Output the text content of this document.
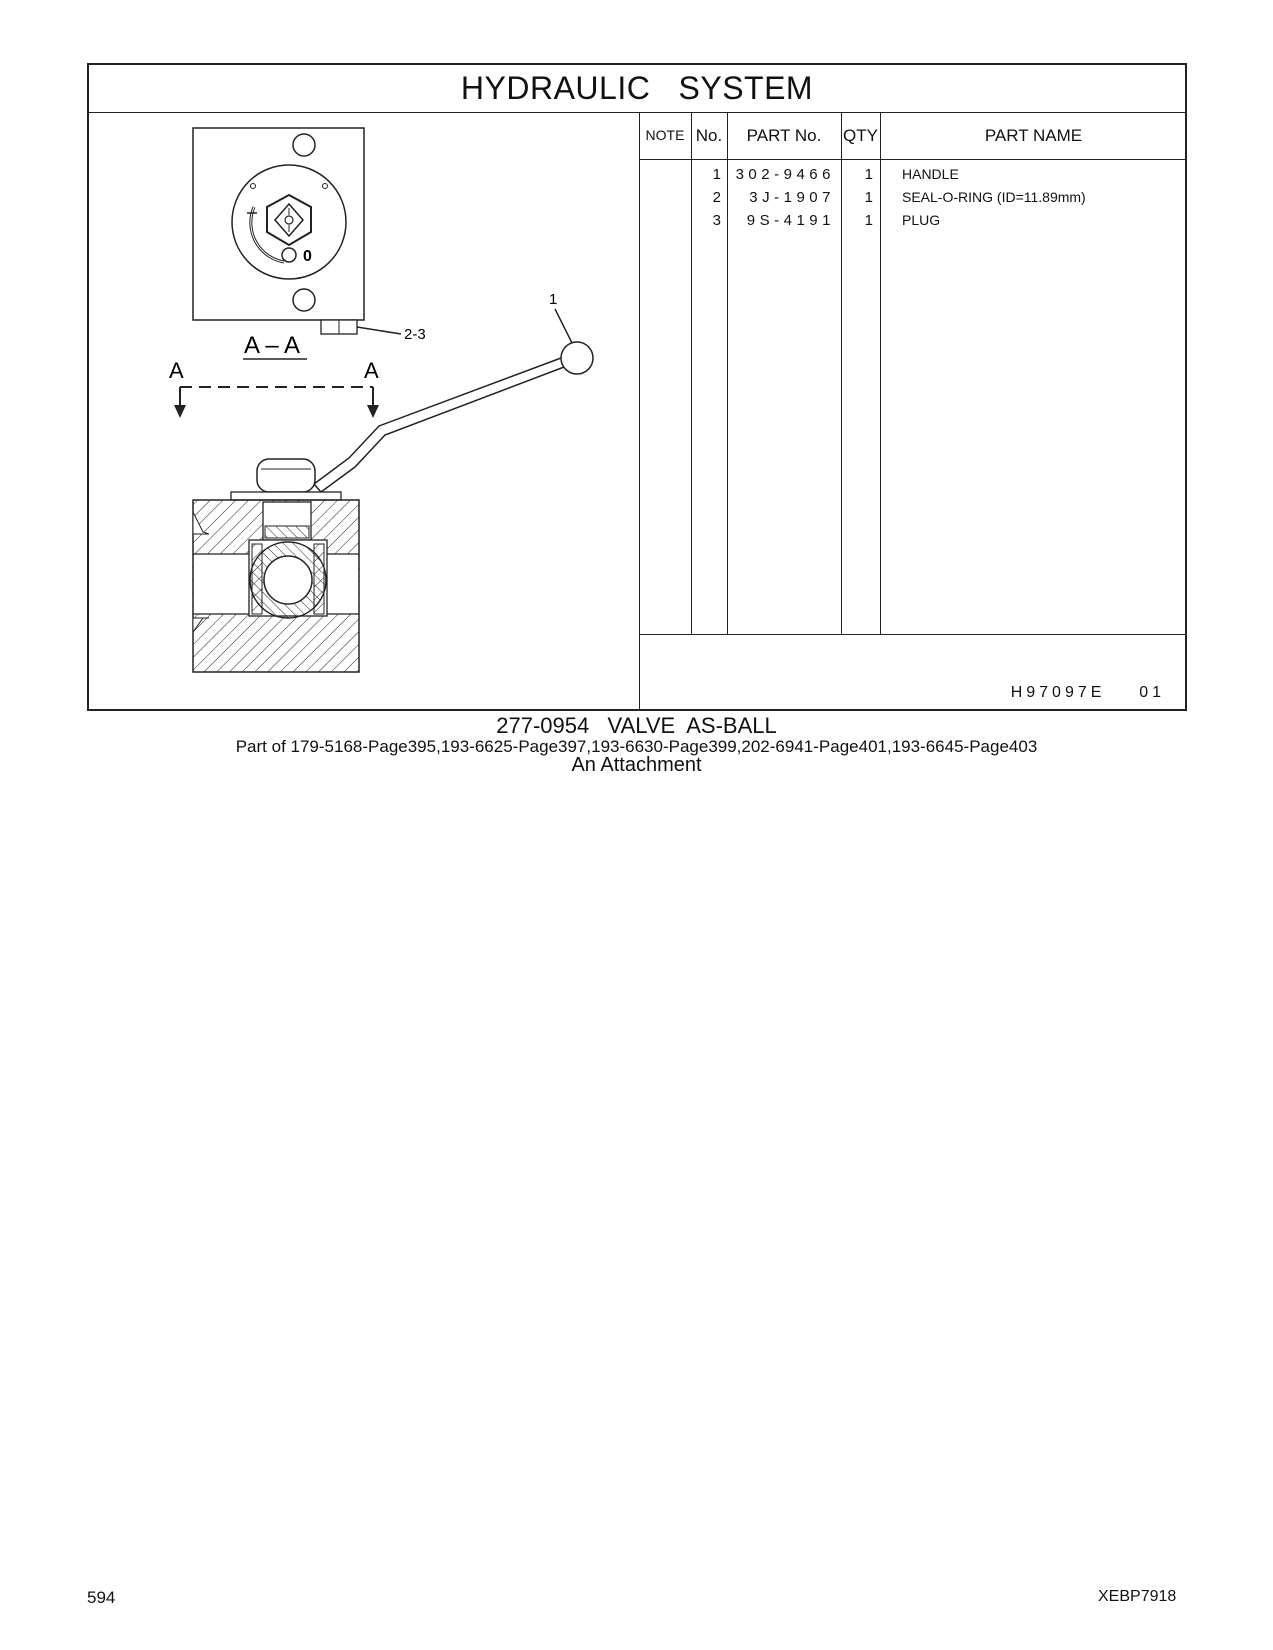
HYDRAULIC   SYSTEM
0
2-3
A – A
A	A
1
NOTE No.	PART No.	QTY	PART NAME
1 302-9466	1 HANDLE
2	3J-1907	1 SEAL-O-RING (ID=11.89mm)
3	9S-4191	1 PLUG
H97097E    01
277-0954   VALVE  AS-BALL
Part of 179-5168-Page395,193-6625-Page397,193-6630-Page399,202-6941-Page401,193-6645-Page403
An Attachment
594	XEBP7918
